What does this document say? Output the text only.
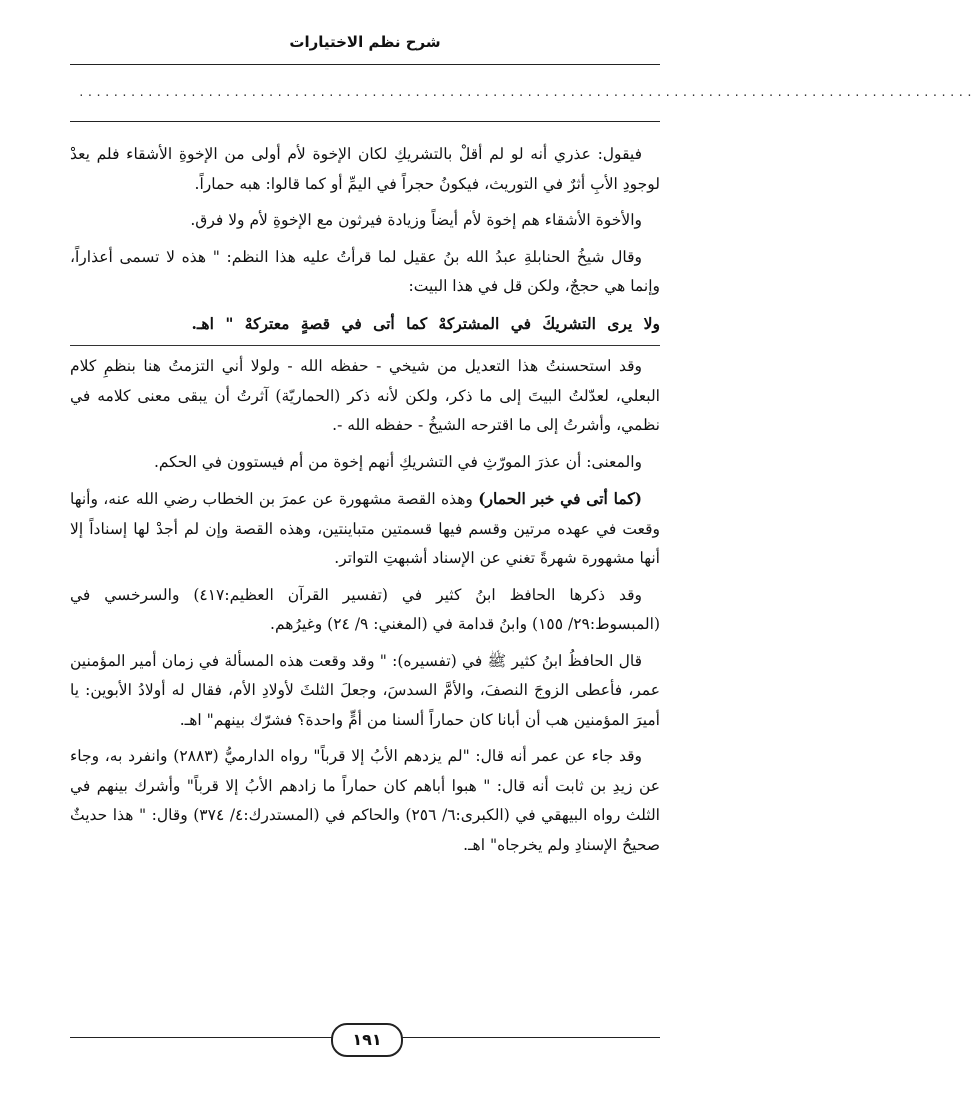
شرح نظم الاختيارات
........................................................................................................

فيقول: عذري أنه لو لم أقلْ بالتشريكِ لكان الإخوة لأم أولى من الإخوةِ الأشقاء فلم يعدْ لوجودِ الأبِ أثرٌ في التوريث، فيكونُ حجراً في اليمِّ أو كما قالوا: هبه حماراً.

والأخوة الأشقاء هم إخوة لأم أيضاً وزيادة فيرثون مع الإخوةِ لأم ولا فرق.

وقال شيخُ الحنابلةِ عبدُ الله بنُ عقيل لما قرأتُ عليه هذا النظم: " هذه لا تسمى أعذاراً، وإنما هي حججٌ، ولكن قل في هذا البيت:

ولا يرى التشريكَ في المشتركهْ كما أتى في قصةٍ معتركهْ " اهـ.

وقد استحسنتُ هذا التعديل من شيخي - حفظه الله - ولولا أني التزمتُ هنا بنظمِ كلام البعلي، لعدّلتُ البيتَ إلى ما ذكر، ولكن لأنه ذكر (الحماريّة) آثرتُ أن يبقى معنى كلامه في نظمي، وأشرتُ إلى ما اقترحه الشيخُ - حفظه الله -.

والمعنى: أن عذرَ المورّثِ في التشريكِ أنهم إخوة من أم فيستوون في الحكم.

(كما أتى في خبر الحمار) وهذه القصة مشهورة عن عمرَ بن الخطاب رضي الله عنه، وأنها وقعت في عهده مرتين وقسم فيها قسمتين متباينتين، وهذه القصة وإن لم أجدْ لها إسناداً إلا أنها مشهورة شهرةً تغني عن الإسناد أشبهتِ التواتر.

وقد ذكرها الحافظ ابنُ كثير في (تفسير القرآن العظيم:٤١٧) والسرخسي في (المبسوط:٢٩/ ١٥٥) وابنُ قدامة في (المغني: ٩/ ٢٤) وغيرُهم.

قال الحافظُ ابنُ كثير ﷺ في (تفسيره): " وقد وقعت هذه المسألة في زمان أمير المؤمنين عمر، فأعطى الزوجَ النصفَ، والأمَّ السدسَ، وجعلَ الثلثَ لأولادِ الأم، فقال له أولادُ الأبوين: يا أميرَ المؤمنين هب أن أبانا كان حماراً ألسنا من أمٍّ واحدة؟ فشرّك بينهم" اهـ.

وقد جاء عن عمر أنه قال: "لم يزدهم الأبُ إلا قرباً" رواه الدارميُّ (٢٨٨٣) وانفرد به، وجاء عن زيدِ بن ثابت أنه قال: " هبوا أباهم كان حماراً ما زادهم الأبُ إلا قرباً" وأشرك بينهم في الثلث رواه البيهقي في (الكبرى:٦/ ٢٥٦) والحاكم في (المستدرك:٤/ ٣٧٤) وقال: " هذا حديثٌ صحيحُ الإسنادِ ولم يخرجاه" اهـ.

١٩١
